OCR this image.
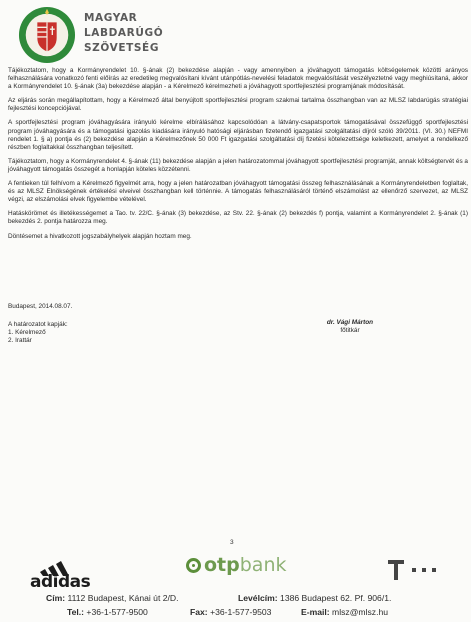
MAGYAR
LABDARÚGÓ
SZÖVETSÉG

Tájékoztatom, hogy a Kormányrendelet 10. §-ának (2) bekezdése alapján - vagy amennyiben a jóváhagyott támogatás költségelemek közötti arányos felhasználására vonatkozó fenti előírás az eredetileg megvalósítani kívánt utánpótlás-nevelési feladatok megvalósítását veszélyeztetné vagy meghiúsítaná, akkor a Kormányrendelet 10. §-ának (3a) bekezdése alapján - a Kérelmező kérelmezheti a jóváhagyott sportfejlesztési programjának módosítását.

Az eljárás során megállapítottam, hogy a Kérelmező által benyújtott sportfejlesztési program szakmai tartalma összhangban van az MLSZ labdarúgás stratégiai fejlesztési koncepciójával.

A sportfejlesztési program jóváhagyására irányuló kérelme elbírálásához kapcsolódóan a látvány-csapatsportok támogatásával összefüggő sportfejlesztési program jóváhagyására és a támogatási igazolás kiadására irányuló hatósági eljárásban fizetendő igazgatási szolgáltatási díjról szóló 39/2011. (VI. 30.) NEFMI rendelet 1. § a) pontja és (2) bekezdése alapján a Kérelmezőnek 50 000 Ft igazgatási szolgáltatási díj fizetési kötelezettsége keletkezett, amelyet a rendelkező részben foglaltakkal összhangban teljesített.

Tájékoztatom, hogy a Kormányrendelet 4. §-ának (11) bekezdése alapján a jelen határozatommal jóváhagyott sportfejlesztési programját, annak költségtervét és a jóváhagyott támogatás összegét a honlapján köteles közzétenni.

A fentieken túl felhívom a Kérelmező figyelmét arra, hogy a jelen határozatban jóváhagyott támogatási összeg felhasználásának a Kormányrendeletben foglaltak, és az MLSZ Elnökségének értékelési elveivel összhangban kell történnie. A támogatás felhasználásáról történő elszámolást az ellenőrző szervezet, az MLSZ végzi, az elszámolási elvek figyelembe vételével.

Hatáskörömet és illetékességemet a Tao. tv. 22/C. §-ának (3) bekezdése, az Stv. 22. §-ának (2) bekezdés f) pontja, valamint a Kormányrendelet 2. §-ának (1) bekezdés 2. pontja határozza meg.

Döntésemet a hivatkozott jogszabályhelyek alapján hoztam meg.

Budapest, 2014.08.07.
A határozatot kapják:
1. Kérelmező
2. Irattár
dr. Vági Márton
főtitkár
3
adidas
otpbank
Cím: 1112 Budapest, Kánai út 2/D.	Levélcím: 1386 Budapest 62. Pf. 906/1.
Tel.: +36-1-577-9500	Fax: +36-1-577-9503	E-mail: mlsz@mlsz.hu
